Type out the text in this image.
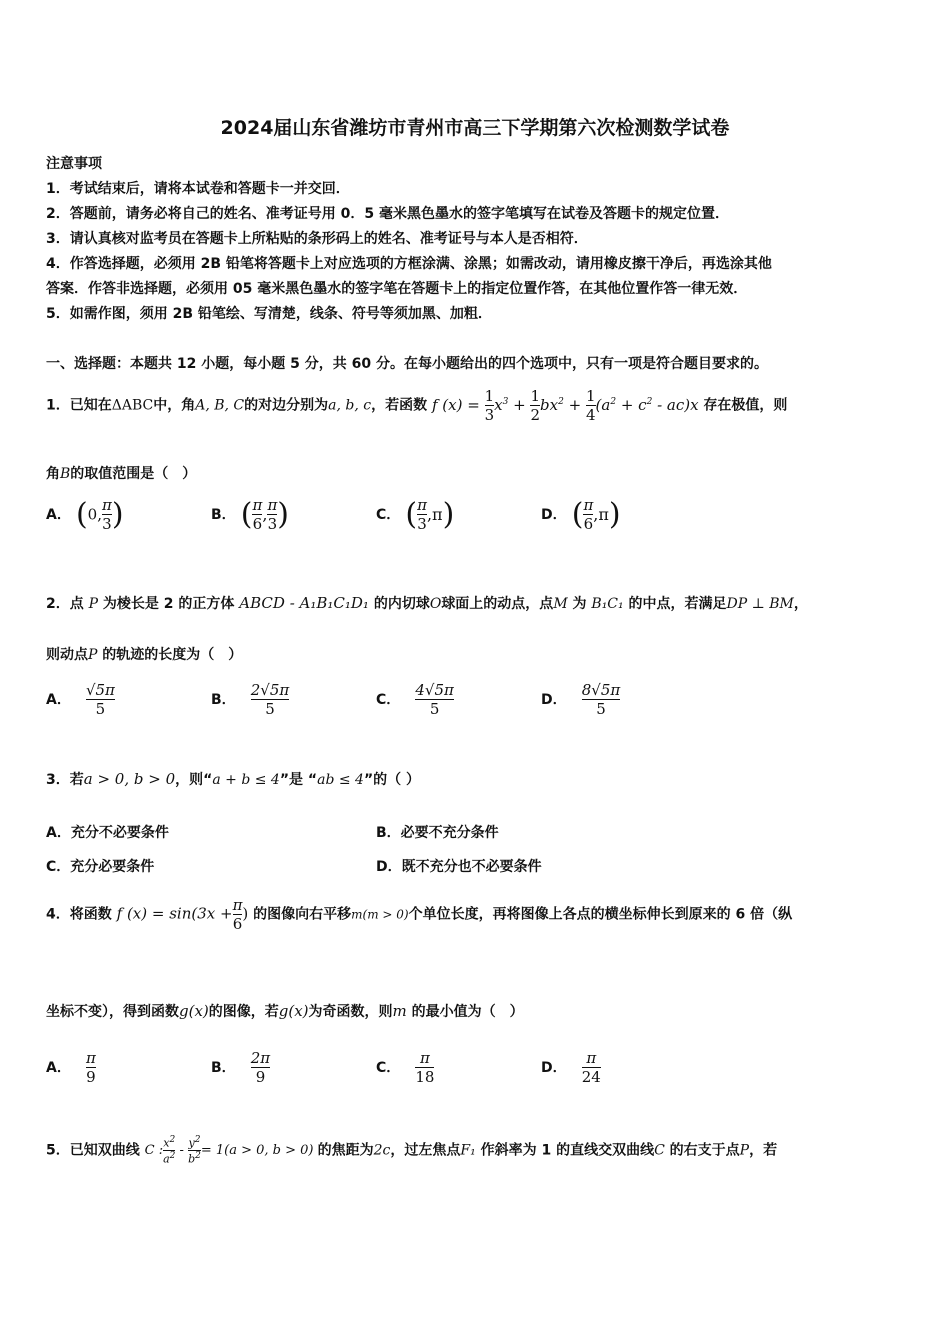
2024届山东省潍坊市青州市高三下学期第六次检测数学试卷
注意事项
1．考试结束后，请将本试卷和答题卡一并交回．
2．答题前，请务必将自己的姓名、准考证号用 0．5 毫米黑色墨水的签字笔填写在试卷及答题卡的规定位置．
3．请认真核对监考员在答题卡上所粘贴的条形码上的姓名、准考证号与本人是否相符．
4．作答选择题，必须用 2B 铅笔将答题卡上对应选项的方框涂满、涂黑；如需改动，请用橡皮擦干净后，再选涂其他
答案．作答非选择题，必须用 05 毫米黑色墨水的签字笔在答题卡上的指定位置作答，在其他位置作答一律无效．
5．如需作图，须用 2B 铅笔绘、写清楚，线条、符号等须加黑、加粗．
一、选择题：本题共 12 小题，每小题 5 分，共 60 分。在每小题给出的四个选项中，只有一项是符合题目要求的。
1．已知在ΔABC中，角A, B, C的对边分别为a, b, c，若函数 f $(x) = \frac{1}{3} x^3 + \frac{1}{2} bx^2 + \frac{1}{4} (a^2 + c^2 - ac)x$ 存在极值，则
角B的取值范围是（　）
A． (0, $\frac{\pi}{3}$ )	B． ( $\frac{\pi}{6}$ , $\frac{\pi}{3}$ )	C． ( $\frac{\pi}{3} ,\pi$)	D． ( $\frac{\pi}{6} ,\pi$)
2．点 P 为棱长是 2 的正方体 ABCD - A₁B₁C₁D₁ 的内切球O球面上的动点，点M 为 B₁C₁ 的中点，若满足DP ⊥ BM，
则动点P 的轨迹的长度为（　）
A． $\frac{√5\pi}{5}$	B． $\frac{2√5\pi}{5}$	C． $\frac{4√5\pi}{5}$	D． $\frac{8√5\pi}{5}$
3．若a > 0, b > 0，则“a + b ≤ 4”是 “ab ≤ 4”的（ ）
A．充分不必要条件	B．必要不充分条件
C．充分必要条件	D．既不充分也不必要条件
4．将函数 f $(x) = \sin(3x + \frac{\pi}{6}$ ) 的图像向右平移m(m > 0)个单位长度，再将图像上各点的横坐标伸长到原来的 6 倍（纵
坐标不变），得到函数g(x)的图像，若g(x)为奇函数，则m 的最小值为（　）
A． $\frac{\pi}{9}$	B． $\frac{2\pi}{9}$	C． $\frac{\pi}{18}$	D． $\frac{\pi}{24}$
5．已知双曲线 C : $\frac{x^2}{a^2} - \frac{y^2}{b^2} = 1(a > 0$, b > 0) 的焦距为2c，过左焦点F₁ 作斜率为 1 的直线交双曲线C 的右支于点P，若
